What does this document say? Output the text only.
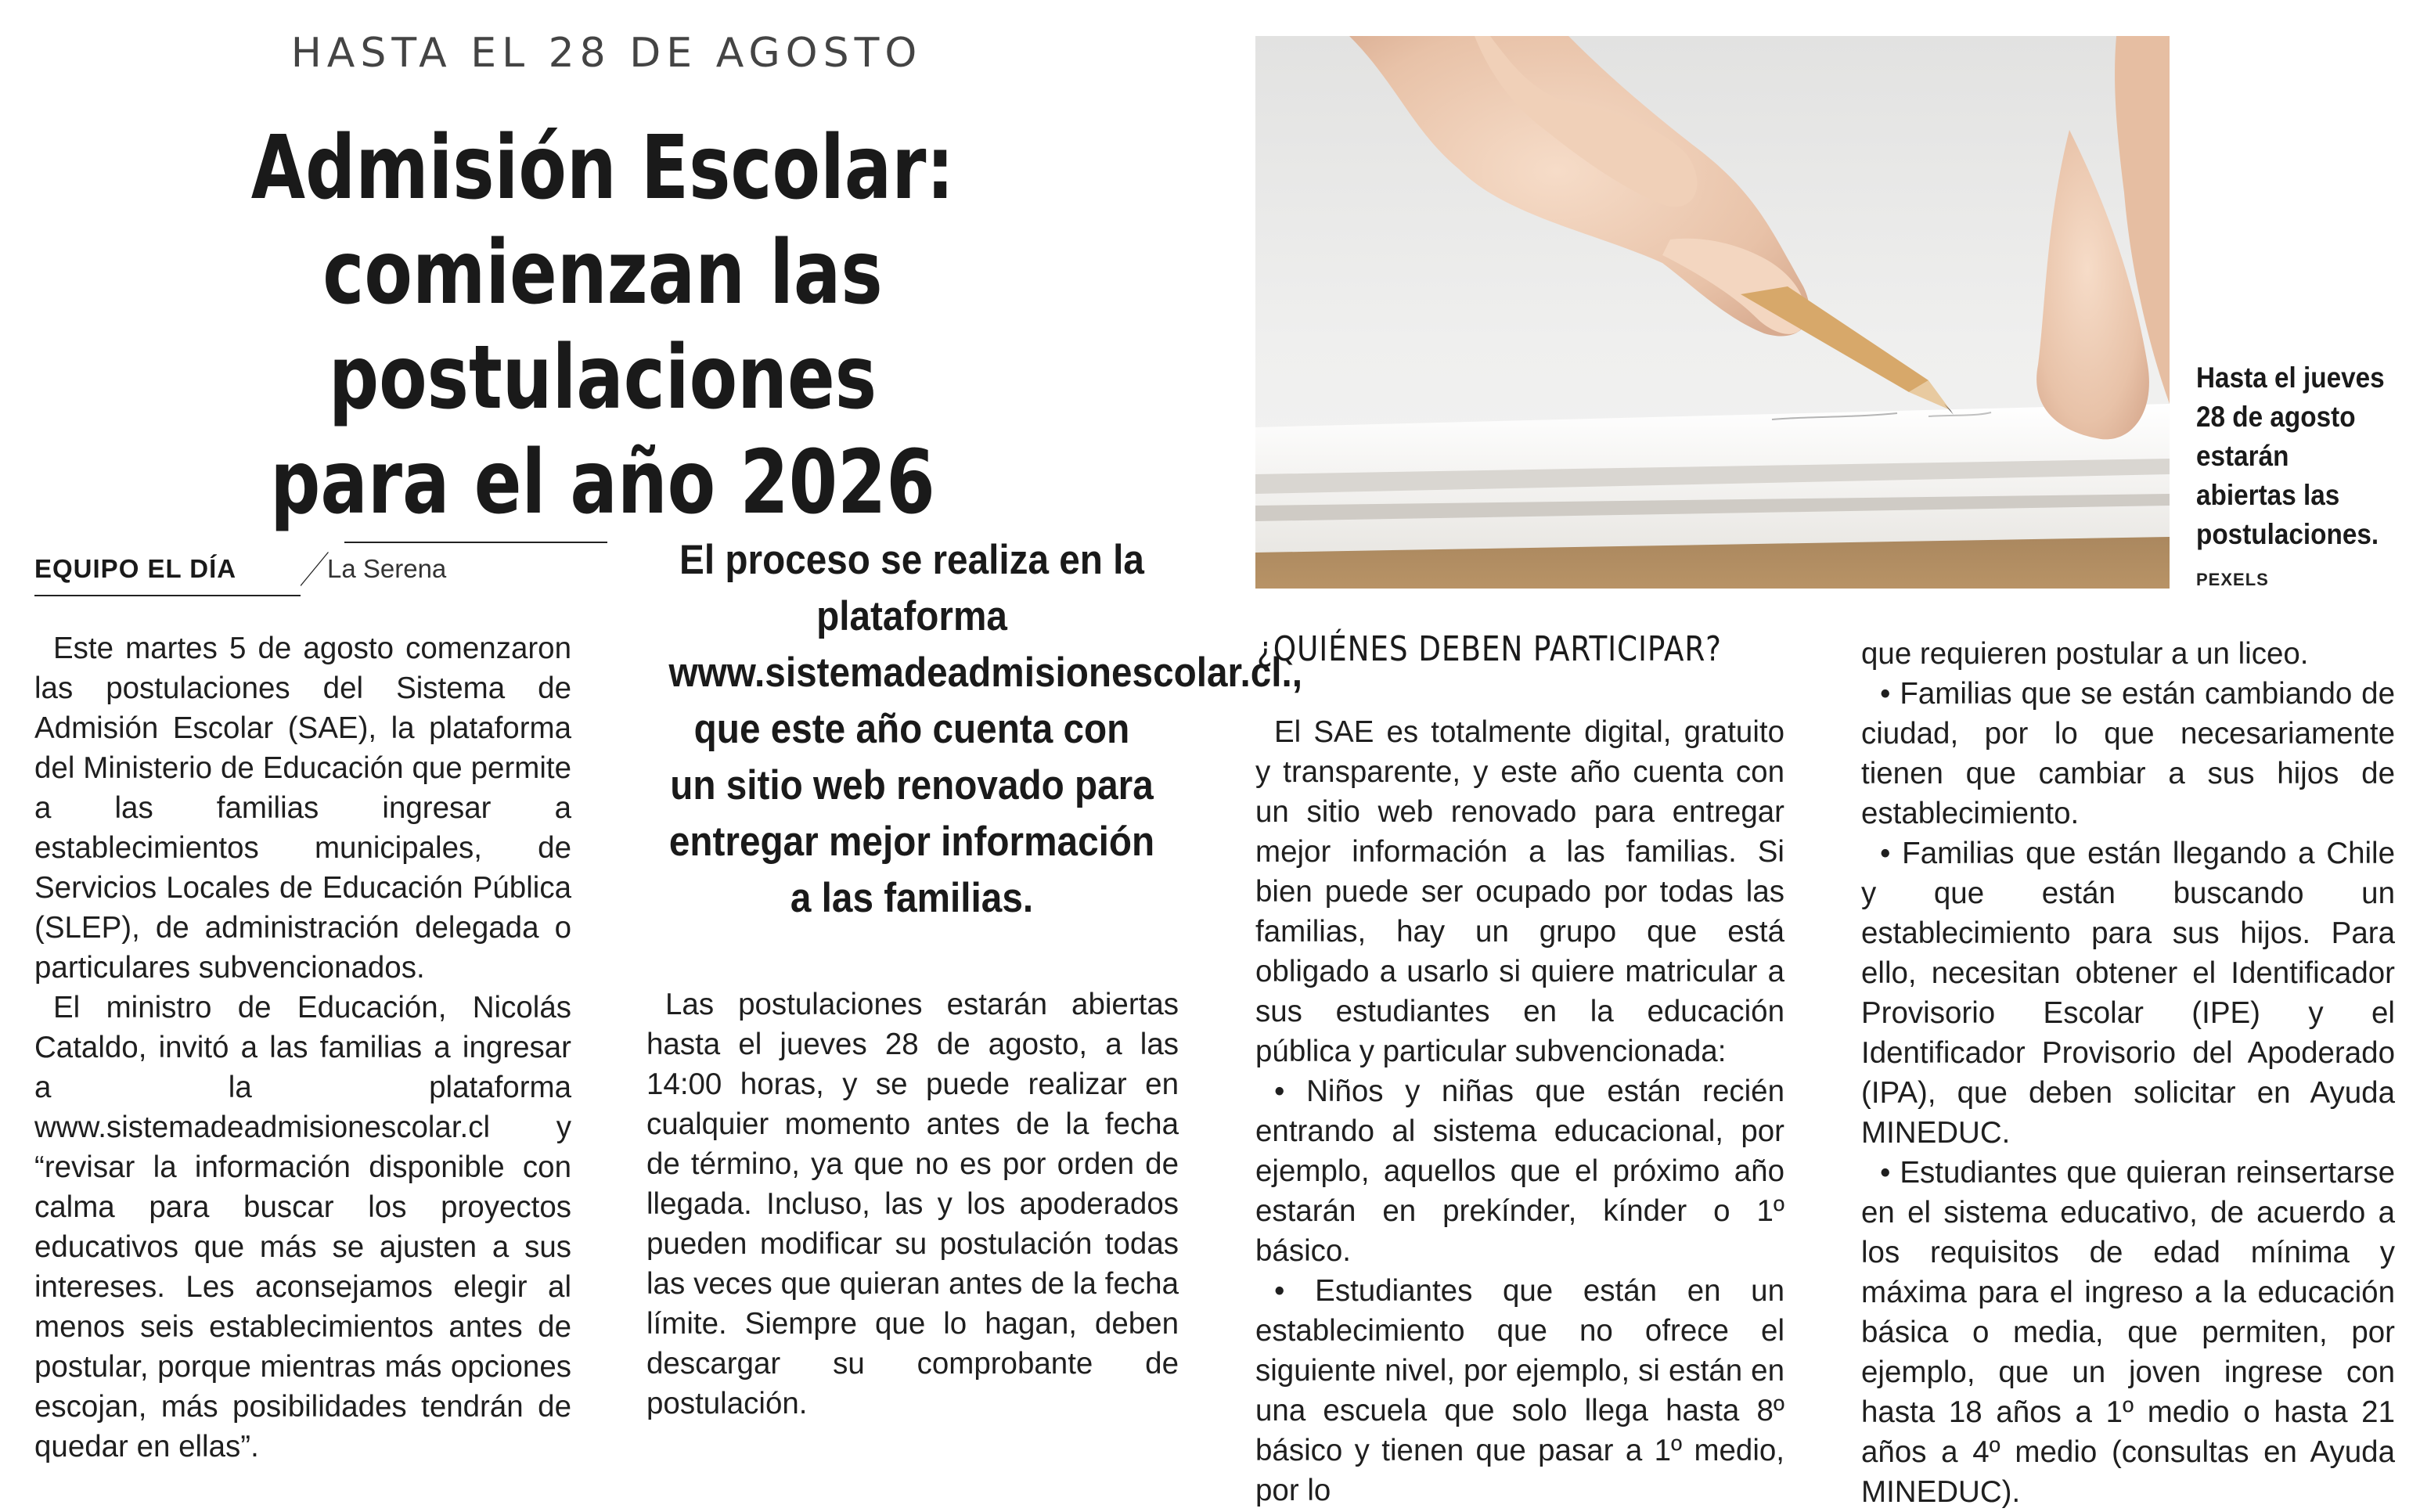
HASTA EL 28 DE AGOSTO
Admisión Escolar:
comienzan las postulaciones
para el año 2026
EQUIPO EL DÍA	La Serena

Este martes 5 de agosto comenzaron las postulaciones del Sistema de Admisión Escolar (SAE), la plataforma del Ministerio de Educación que permite a las familias ingresar a establecimientos municipales, de Servicios Locales de Educación Pública (SLEP), de administración delegada o particulares subvencionados.

El ministro de Educación, Nicolás Cataldo, invitó a las familias a ingresar a la plataforma www.sistemadeadmisionescolar.cl y “revisar la información disponible con calma para buscar los proyectos educativos que más se ajusten a sus intereses. Les aconsejamos elegir al menos seis establecimientos antes de postular, porque mientras más opciones escojan, más posibilidades tendrán de quedar en ellas”.

El proceso se realiza en la plataforma www.sistemadeadmisionescolar.cl., que este año cuenta con un sitio web renovado para entregar mejor información a las familias.

Las postulaciones estarán abiertas hasta el jueves 28 de agosto, a las 14:00 horas, y se puede realizar en cualquier momento antes de la fecha de término, ya que no es por orden de llegada. Incluso, las y los apoderados pueden modificar su postulación todas las veces que quieran antes de la fecha límite. Siempre que lo hagan, deben descargar su comprobante de postulación.

Hasta el jueves 28 de agosto estarán abiertas las postulaciones.
PEXELS
¿QUIÉNES DEBEN PARTICIPAR?

El SAE es totalmente digital, gratuito y transparente, y este año cuenta con un sitio web renovado para entregar mejor información a las familias. Si bien puede ser ocupado por todas las familias, hay un grupo que está obligado a usarlo si quiere matricular a sus estudiantes en la educación pública y particular subvencionada:

• Niños y niñas que están recién entrando al sistema educacional, por ejemplo, aquellos que el próximo año estarán en prekínder, kínder o 1º básico.

• Estudiantes que están en un establecimiento que no ofrece el siguiente nivel, por ejemplo, si están en una escuela que solo llega hasta 8º básico y tienen que pasar a 1º medio, por lo

que requieren postular a un liceo.

• Familias que se están cambiando de ciudad, por lo que necesariamente tienen que cambiar a sus hijos de establecimiento.

• Familias que están llegando a Chile y que están buscando un establecimiento para sus hijos. Para ello, necesitan obtener el Identificador Provisorio Escolar (IPE) y el Identificador Provisorio del Apoderado (IPA), que deben solicitar en Ayuda MINEDUC.

• Estudiantes que quieran reinsertarse en el sistema educativo, de acuerdo a los requisitos de edad mínima y máxima para el ingreso a la educación básica o media, que permiten, por ejemplo, que un joven ingrese con hasta 18 años a 1º medio o hasta 21 años a 4º medio (consultas en Ayuda MINEDUC).
